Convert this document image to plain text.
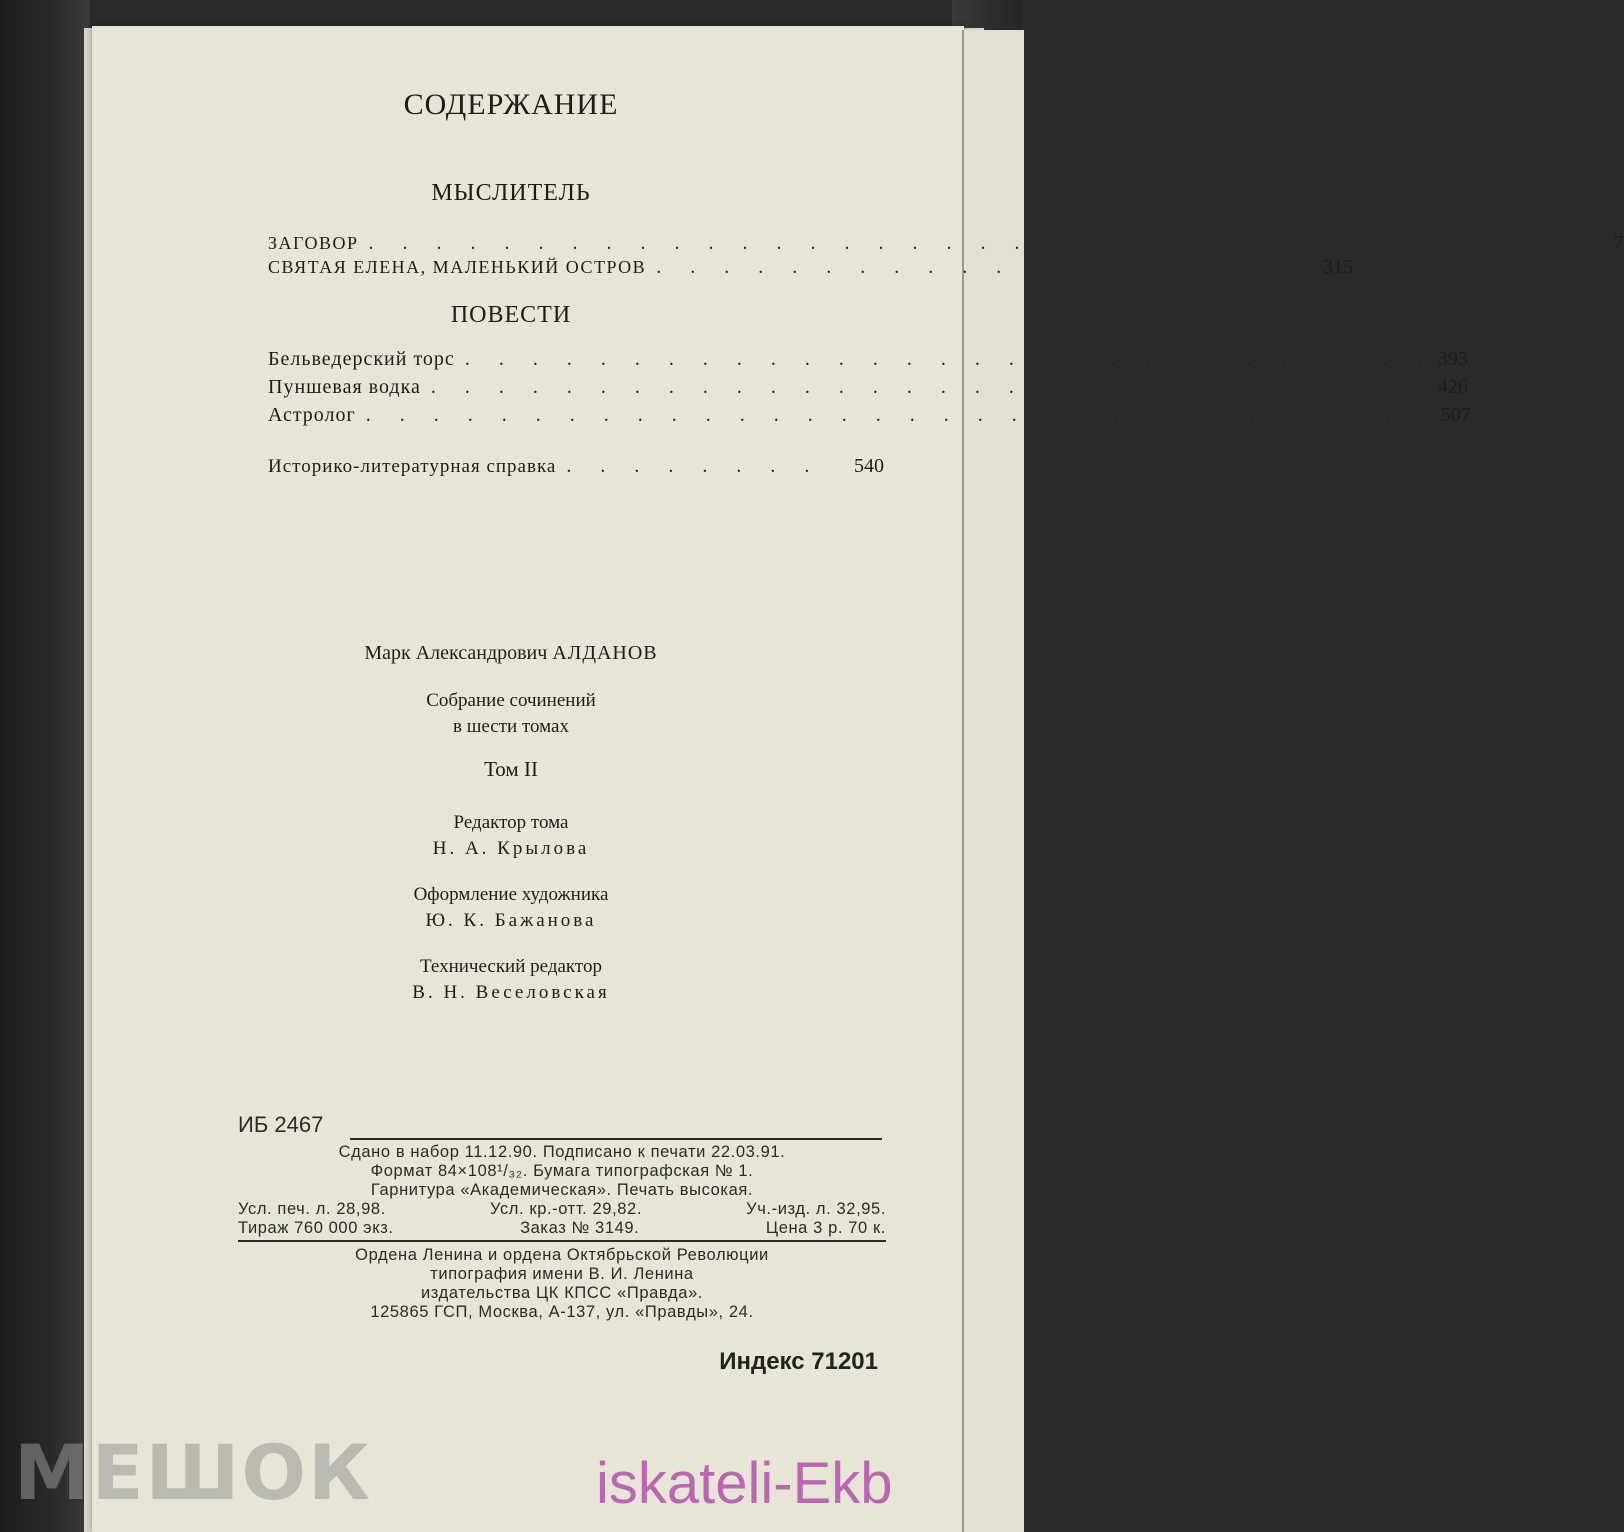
СОДЕРЖАНИЕ
МЫСЛИТЕЛЬ
ЗАГОВОР . . . . . . . . . . . . . . . . . . . . . . . . . . . . . . . . . . . . . 7
СВЯТАЯ ЕЛЕНА, МАЛЕНЬКИЙ ОСТРОВ . . . . . . . . . . . . . . . . . . . . 315
ПОВЕСТИ
Бельведерский торс . . . . . . . . . . . . . . . . . . . . . . . . . . . . . 393
Пуншевая водка . . . . . . . . . . . . . . . . . . . . . . . . . . . . . . 426
Астролог . . . . . . . . . . . . . . . . . . . . . . . . . . . . . . . . 507
Историко-литературная справка . . . . . . . .	540
Марк Александрович АЛДАНОВ
Собрание сочинений
в шести томах
Том II
Редактор тома
Н. А. Крылова
Оформление художника
Ю. К. Бажанова
Технический редактор
В. Н. Веселовская
ИБ 2467
Сдано в набор 11.12.90. Подписано к печати 22.03.91.
Формат 84×108¹/₃₂. Бумага типографская № 1.
Гарнитура «Академическая». Печать высокая.
Усл. печ. л. 28,98.	Усл. кр.-отт. 29,82.	Уч.-изд. л. 32,95.
Тираж 760 000 экз.	Заказ № 3149.	Цена 3 р. 70 к.
Ордена Ленина и ордена Октябрьской Революции
типография имени В. И. Ленина
издательства ЦК КПСС «Правда».
125865 ГСП, Москва, А-137, ул. «Правды», 24.
Индекс 71201
МЕШОК	iskateli-Ekb
